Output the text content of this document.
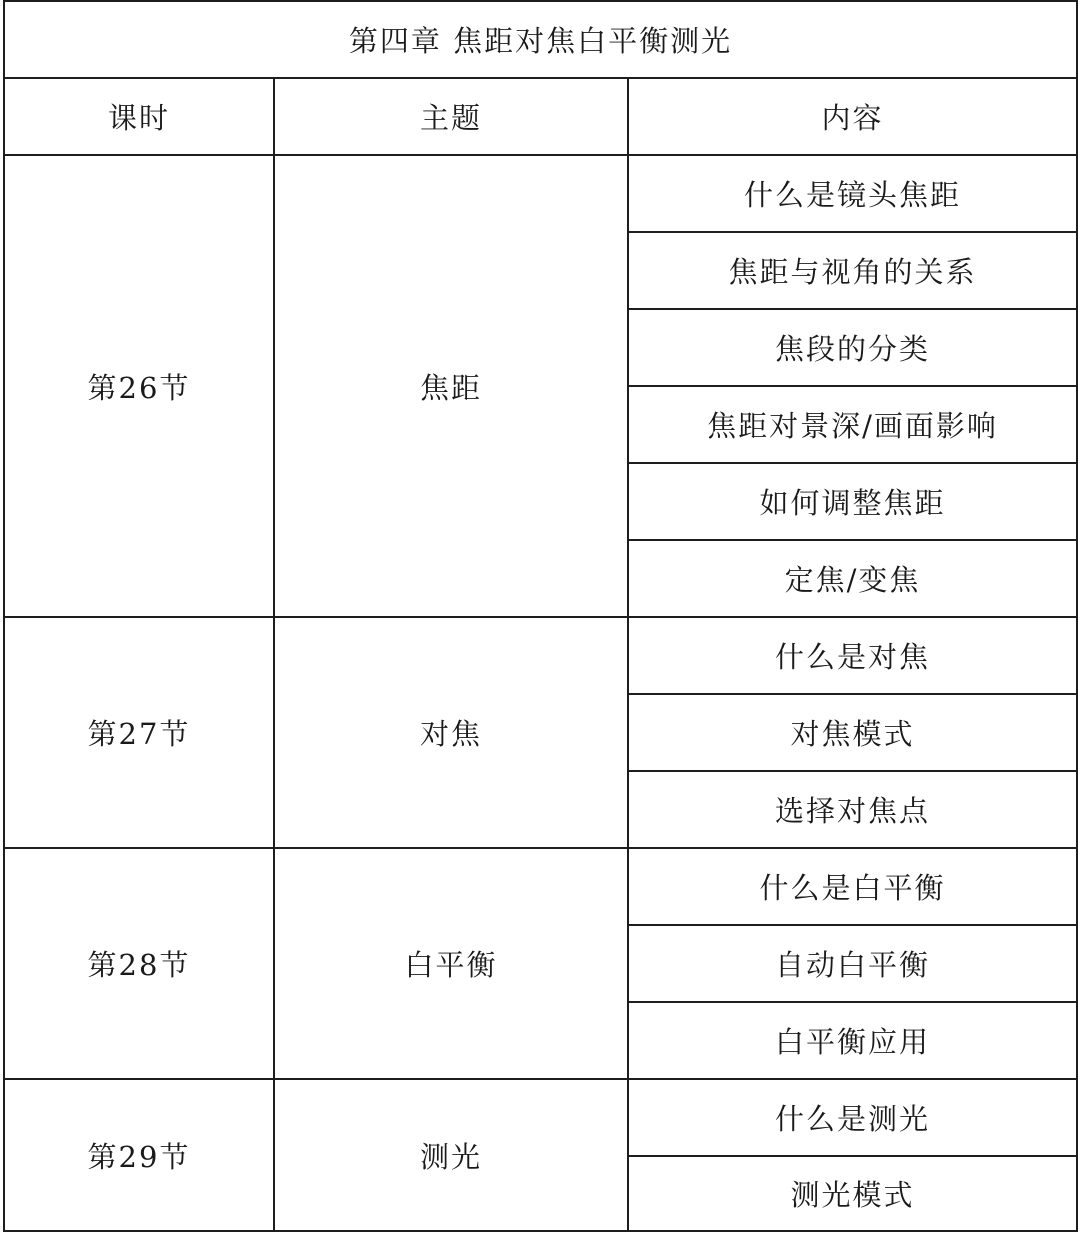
第四章 焦距对焦白平衡测光		
课时	主题	内容
第26节	焦距	什么是镜头焦距
		焦距与视角的关系
		焦段的分类
		焦距对景深/画面影响
		如何调整焦距
		定焦/变焦
第27节	对焦	什么是对焦
		对焦模式
		选择对焦点
第28节	白平衡	什么是白平衡
		自动白平衡
		白平衡应用
第29节	测光	什么是测光
		测光模式
